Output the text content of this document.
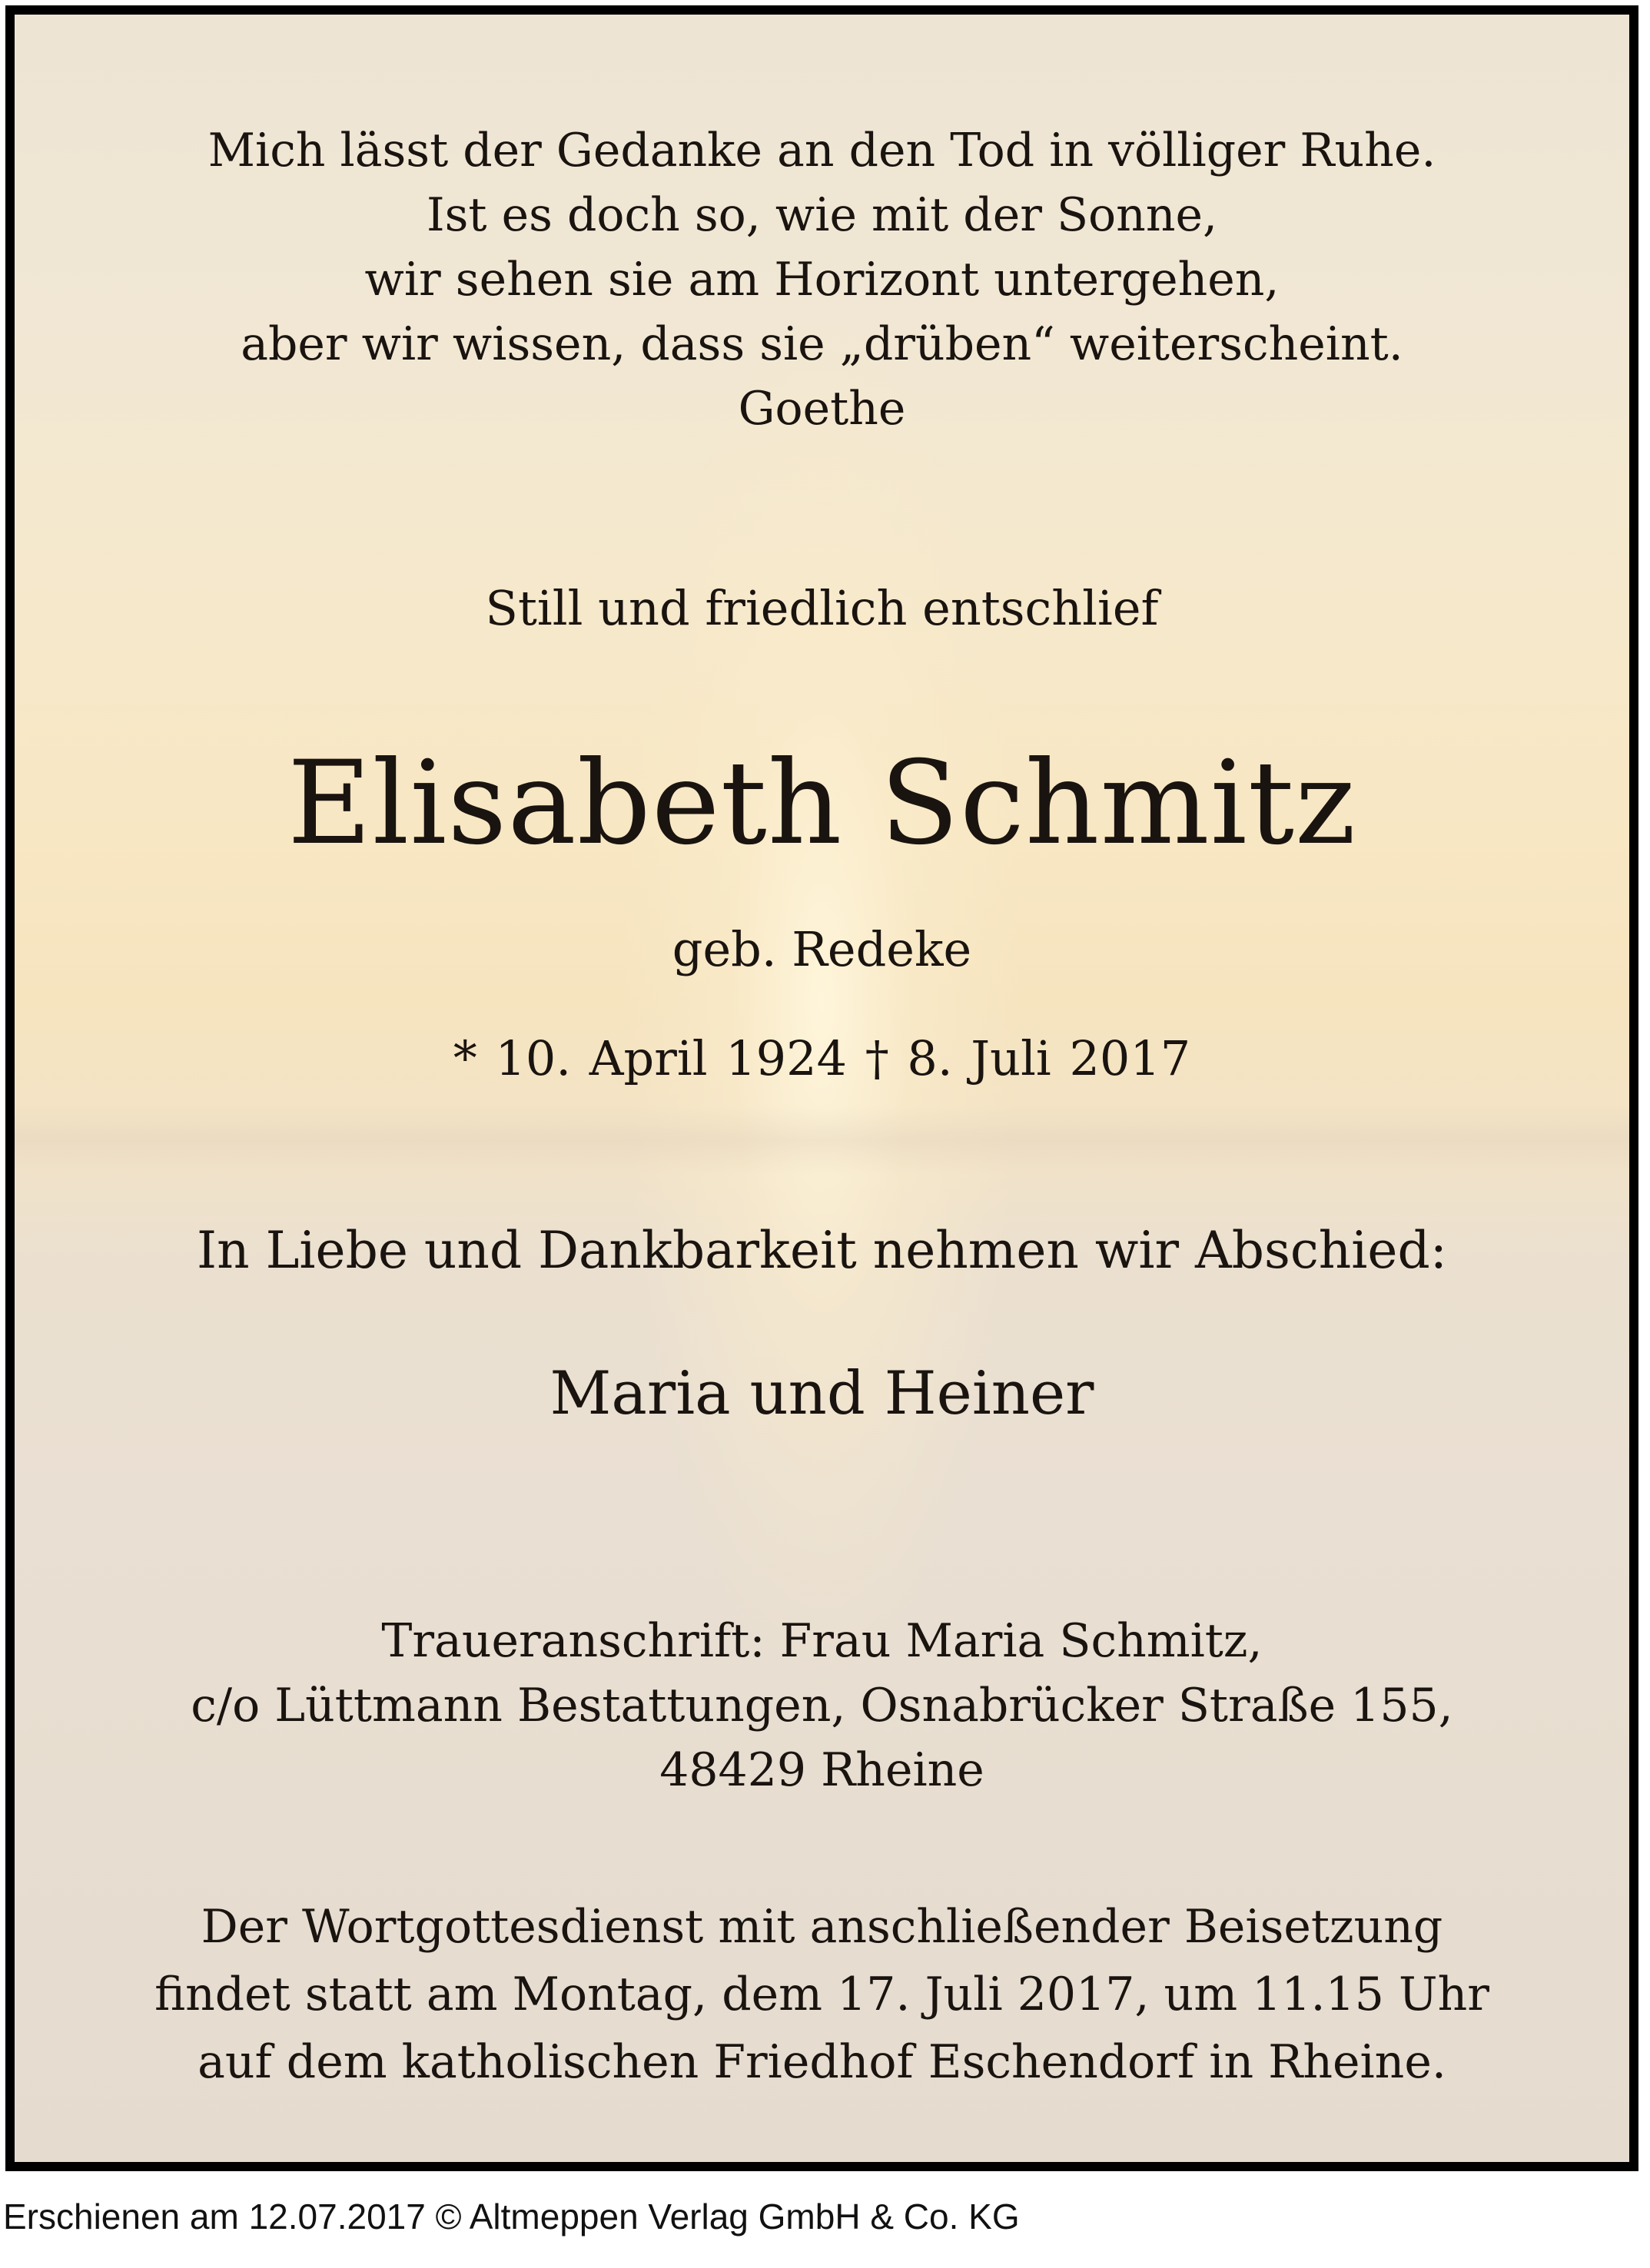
Mich lässt der Gedanke an den Tod in völliger Ruhe.

Ist es doch so, wie mit der Sonne,

wir sehen sie am Horizont untergehen,

aber wir wissen, dass sie „drüben“ weiterscheint.

Goethe

Still und friedlich entschlief

Elisabeth Schmitz

geb. Redeke

* 10. April 1924 † 8. Juli 2017

In Liebe und Dankbarkeit nehmen wir Abschied:

Maria und Heiner

Traueranschrift: Frau Maria Schmitz,

c/o Lüttmann Bestattungen, Osnabrücker Straße 155,

48429 Rheine

Der Wortgottesdienst mit anschließender Beisetzung

findet statt am Montag, dem 17. Juli 2017, um 11.15 Uhr

auf dem katholischen Friedhof Eschendorf in Rheine.

Erschienen am 12.07.2017 © Altmeppen Verlag GmbH & Co. KG
